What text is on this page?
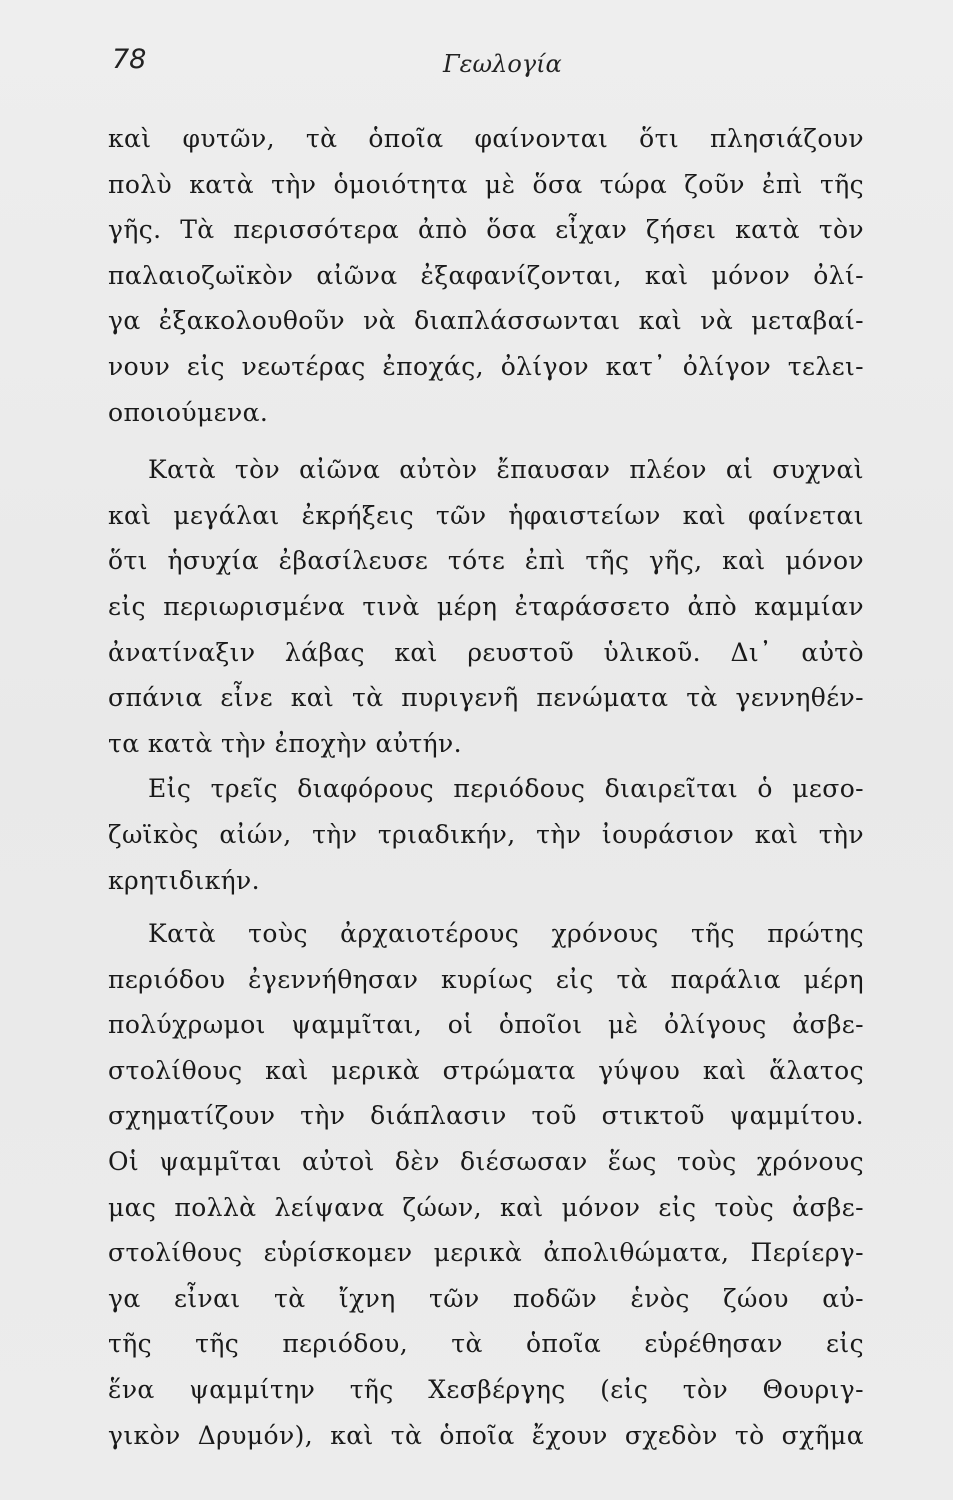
78	Γεωλογία
καὶ φυτῶν, τὰ ὁποῖα φαίνονται ὅτι πλησιάζουν
πολὺ κατὰ τὴν ὁμοιότητα μὲ ὅσα τώρα ζοῦν ἐπὶ τῆς
γῆς. Τὰ περισσότερα ἀπὸ ὅσα εἶχαν ζήσει κατὰ τὸν
παλαιοζωϊκὸν αἰῶνα ἐξαφανίζονται, καὶ μόνον ὀλί-
γα ἐξακολουθοῦν νὰ διαπλάσσωνται καὶ νὰ μεταβαί-
νουν εἰς νεωτέρας ἐποχάς, ὀλίγον κατ᾽ ὀλίγον τελει-
οποιούμενα.
Κατὰ τὸν αἰῶνα αὐτὸν ἔπαυσαν πλέον αἱ συχναὶ
καὶ μεγάλαι ἐκρήξεις τῶν ἡφαιστείων καὶ φαίνεται
ὅτι ἡσυχία ἐβασίλευσε τότε ἐπὶ τῆς γῆς, καὶ μόνον
εἰς περιωρισμένα τινὰ μέρη ἐταράσσετο ἀπὸ καμμίαν
ἀνατίναξιν λάβας καὶ ρευστοῦ ὑλικοῦ. Δι᾽ αὐτὸ
σπάνια εἶνε καὶ τὰ πυριγενῆ πενώματα τὰ γεννηθέν-
τα κατὰ τὴν ἐποχὴν αὐτήν.
Εἰς τρεῖς διαφόρους περιόδους διαιρεῖται ὁ μεσο-
ζωϊκὸς αἰών, τὴν τριαδικήν, τὴν ἰουράσιον καὶ τὴν
κρητιδικήν.
Κατὰ τοὺς ἀρχαιοτέρους χρόνους τῆς πρώτης
περιόδου ἐγεννήθησαν κυρίως εἰς τὰ παράλια μέρη
πολύχρωμοι ψαμμῖται, οἱ ὁποῖοι μὲ ὀλίγους ἀσβε-
στολίθους καὶ μερικὰ στρώματα γύψου καὶ ἅλατος
σχηματίζουν τὴν διάπλασιν τοῦ στικτοῦ ψαμμίτου.
Οἱ ψαμμῖται αὐτοὶ δὲν διέσωσαν ἕως τοὺς χρόνους
μας πολλὰ λείψανα ζώων, καὶ μόνον εἰς τοὺς ἀσβε-
στολίθους εὑρίσκομεν μερικὰ ἀπολιθώματα, Περίεργ-
γα εἶναι τὰ ἴχνη τῶν ποδῶν ἑνὸς ζώου αὐ-
τῆς τῆς περιόδου, τὰ ὁποῖα εὑρέθησαν εἰς
ἕνα ψαμμίτην τῆς Χεσβέργης (εἰς τὸν Θουριγ-
γικὸν Δρυμόν), καὶ τὰ ὁποῖα ἔχουν σχεδὸν τὸ σχῆμα
